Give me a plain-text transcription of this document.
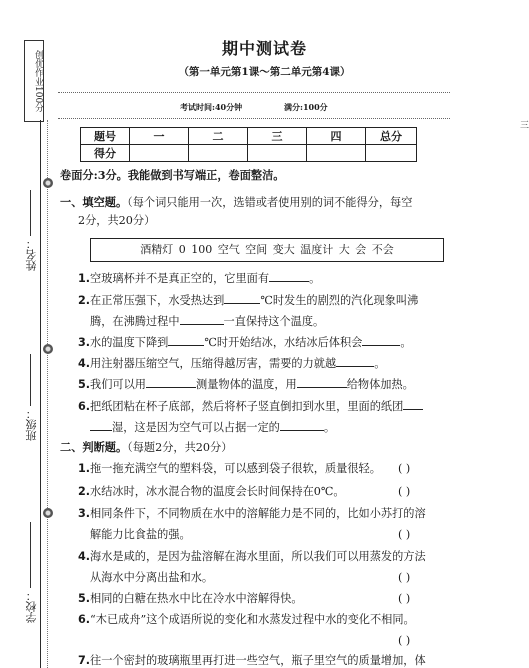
创优作业100分
姓名：
班级：
学校：
三
期中测试卷
（第一单元第1课～第二单元第4课）
考试时间:40分钟	满分:100分
题号	一	二	三	四	总分
得分					
卷面分:3分。我能做到书写端正，卷面整洁。
一、填空题。（每个词只能用一次，选错或者使用别的词不能得分，每空
2分，共20分）
酒精灯 0 100 空气 空间 变大 温度计 大 会 不会
1.空玻璃杯并不是真正空的，它里面有	。
2.在正常压强下，水受热达到	℃时发生的剧烈的汽化现象叫沸
腾，在沸腾过程中	一直保持这个温度。
3.水的温度下降到	℃时开始结冰，水结冰后体积会	。
4.用注射器压缩空气，压缩得越厉害，需要的力就越	。
5.我们可以用	测量物体的温度，用	给物体加热。
6.把纸团粘在杯子底部，然后将杯子竖直倒扣到水里，里面的纸团
湿，这是因为空气可以占据一定的	。
二、判断题。（每题2分，共20分）
1.拖一拖充满空气的塑料袋，可以感到袋子很软，质量很轻。 ( )
2.水结冰时，冰水混合物的温度会长时间保持在0℃。	( )
3.相同条件下，不同物质在水中的溶解能力是不同的，比如小苏打的溶
解能力比食盐的强。	( )
4.海水是咸的，是因为盐溶解在海水里面，所以我们可以用蒸发的方法
从海水中分离出盐和水。	( )
5.相同的白糖在热水中比在冷水中溶解得快。	( )
6.“木已成舟”这个成语所说的变化和水蒸发过程中水的变化不相同。
( )
7.往一个密封的玻璃瓶里再打进一些空气，瓶子里空气的质量增加，体
